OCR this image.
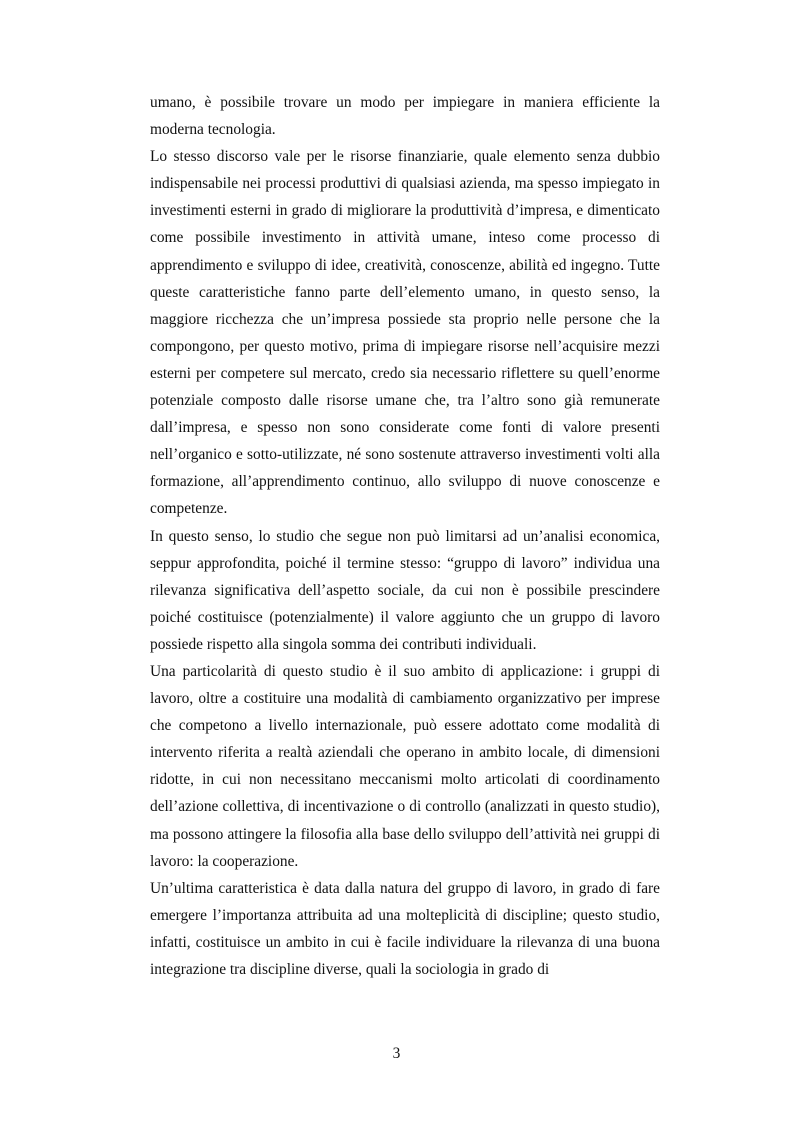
umano, è possibile trovare un modo per impiegare in maniera efficiente la moderna tecnologia.

Lo stesso discorso vale per le risorse finanziarie, quale elemento senza dubbio indispensabile nei processi produttivi di qualsiasi azienda, ma spesso impiegato in investimenti esterni in grado di migliorare la produttività d’impresa, e dimenticato come possibile investimento in attività umane, inteso come processo di apprendimento e sviluppo di idee, creatività, conoscenze, abilità ed ingegno. Tutte queste caratteristiche fanno parte dell’elemento umano, in questo senso, la maggiore ricchezza che un’impresa possiede sta proprio nelle persone che la compongono, per questo motivo, prima di impiegare risorse nell’acquisire mezzi esterni per competere sul mercato, credo sia necessario riflettere su quell’enorme potenziale composto dalle risorse umane che, tra l’altro sono già remunerate dall’impresa, e spesso non sono considerate come fonti di valore presenti nell’organico e sotto-utilizzate, né sono sostenute attraverso investimenti volti alla formazione, all’apprendimento continuo, allo sviluppo di nuove conoscenze e competenze.

In questo senso, lo studio che segue non può limitarsi ad un’analisi economica, seppur approfondita, poiché il termine stesso: “gruppo di lavoro” individua una rilevanza significativa dell’aspetto sociale, da cui non è possibile prescindere poiché costituisce (potenzialmente) il valore aggiunto che un gruppo di lavoro possiede rispetto alla singola somma dei contributi individuali.

Una particolarità di questo studio è il suo ambito di applicazione: i gruppi di lavoro, oltre a costituire una modalità di cambiamento organizzativo per imprese che competono a livello internazionale, può essere adottato come modalità di intervento riferita a realtà aziendali che operano in ambito locale, di dimensioni ridotte, in cui non necessitano meccanismi molto articolati di coordinamento dell’azione collettiva, di incentivazione o di controllo (analizzati in questo studio), ma possono attingere la filosofia alla base dello sviluppo dell’attività nei gruppi di lavoro: la cooperazione.

Un’ultima caratteristica è data dalla natura del gruppo di lavoro, in grado di fare emergere l’importanza attribuita ad una molteplicità di discipline; questo studio, infatti, costituisce un ambito in cui è facile individuare la rilevanza di una buona integrazione tra discipline diverse, quali la sociologia in grado di

3
